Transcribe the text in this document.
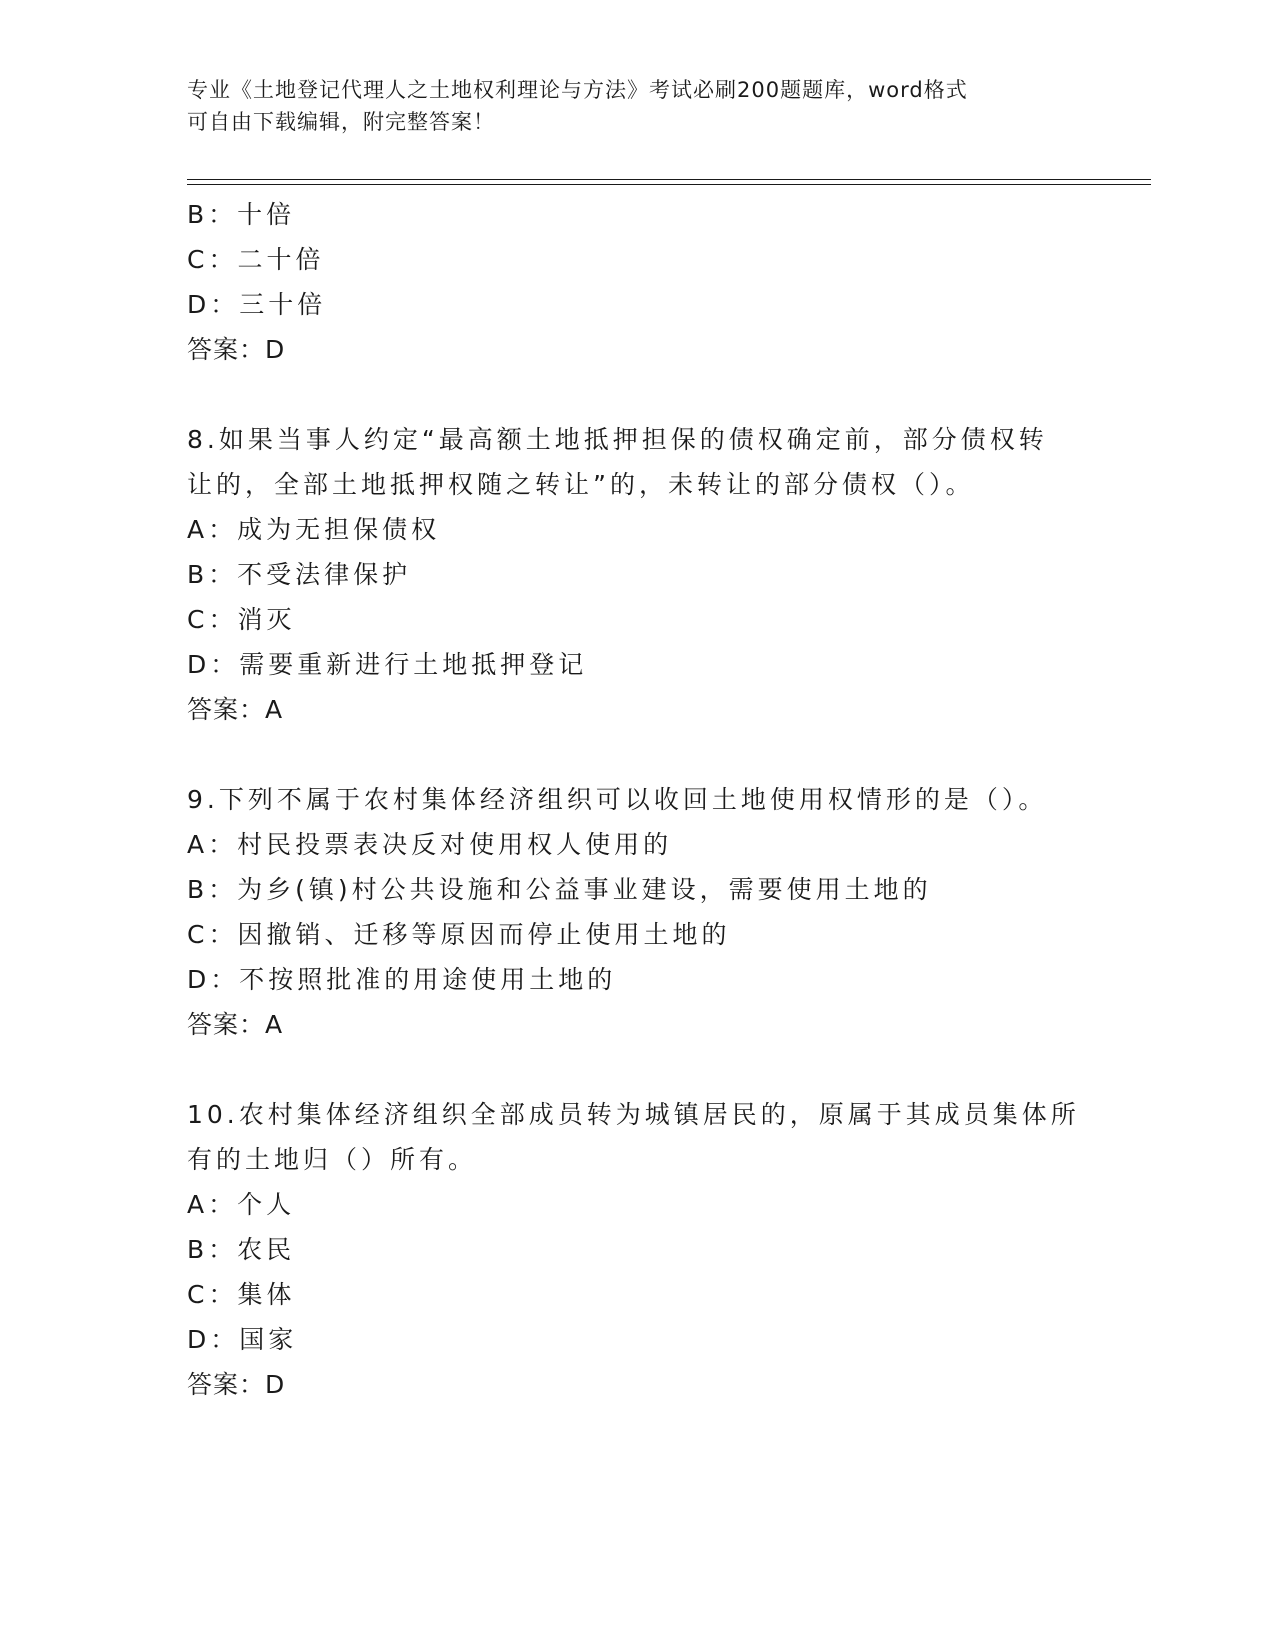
专业《土地登记代理人之土地权利理论与方法》考试必刷200题题库，word格式
可自由下载编辑，附完整答案！
B：十倍
C：二十倍
D：三十倍
答案：D
8.如果当事人约定“最高额土地抵押担保的债权确定前，部分债权转
让的，全部土地抵押权随之转让”的，未转让的部分债权（）。
A：成为无担保债权
B：不受法律保护
C：消灭
D：需要重新进行土地抵押登记
答案：A
9.下列不属于农村集体经济组织可以收回土地使用权情形的是（）。
A：村民投票表决反对使用权人使用的
B：为乡(镇)村公共设施和公益事业建设，需要使用土地的
C：因撤销、迁移等原因而停止使用土地的
D：不按照批准的用途使用土地的
答案：A
10.农村集体经济组织全部成员转为城镇居民的，原属于其成员集体所
有的土地归（）所有。
A：个人
B：农民
C：集体
D：国家
答案：D
